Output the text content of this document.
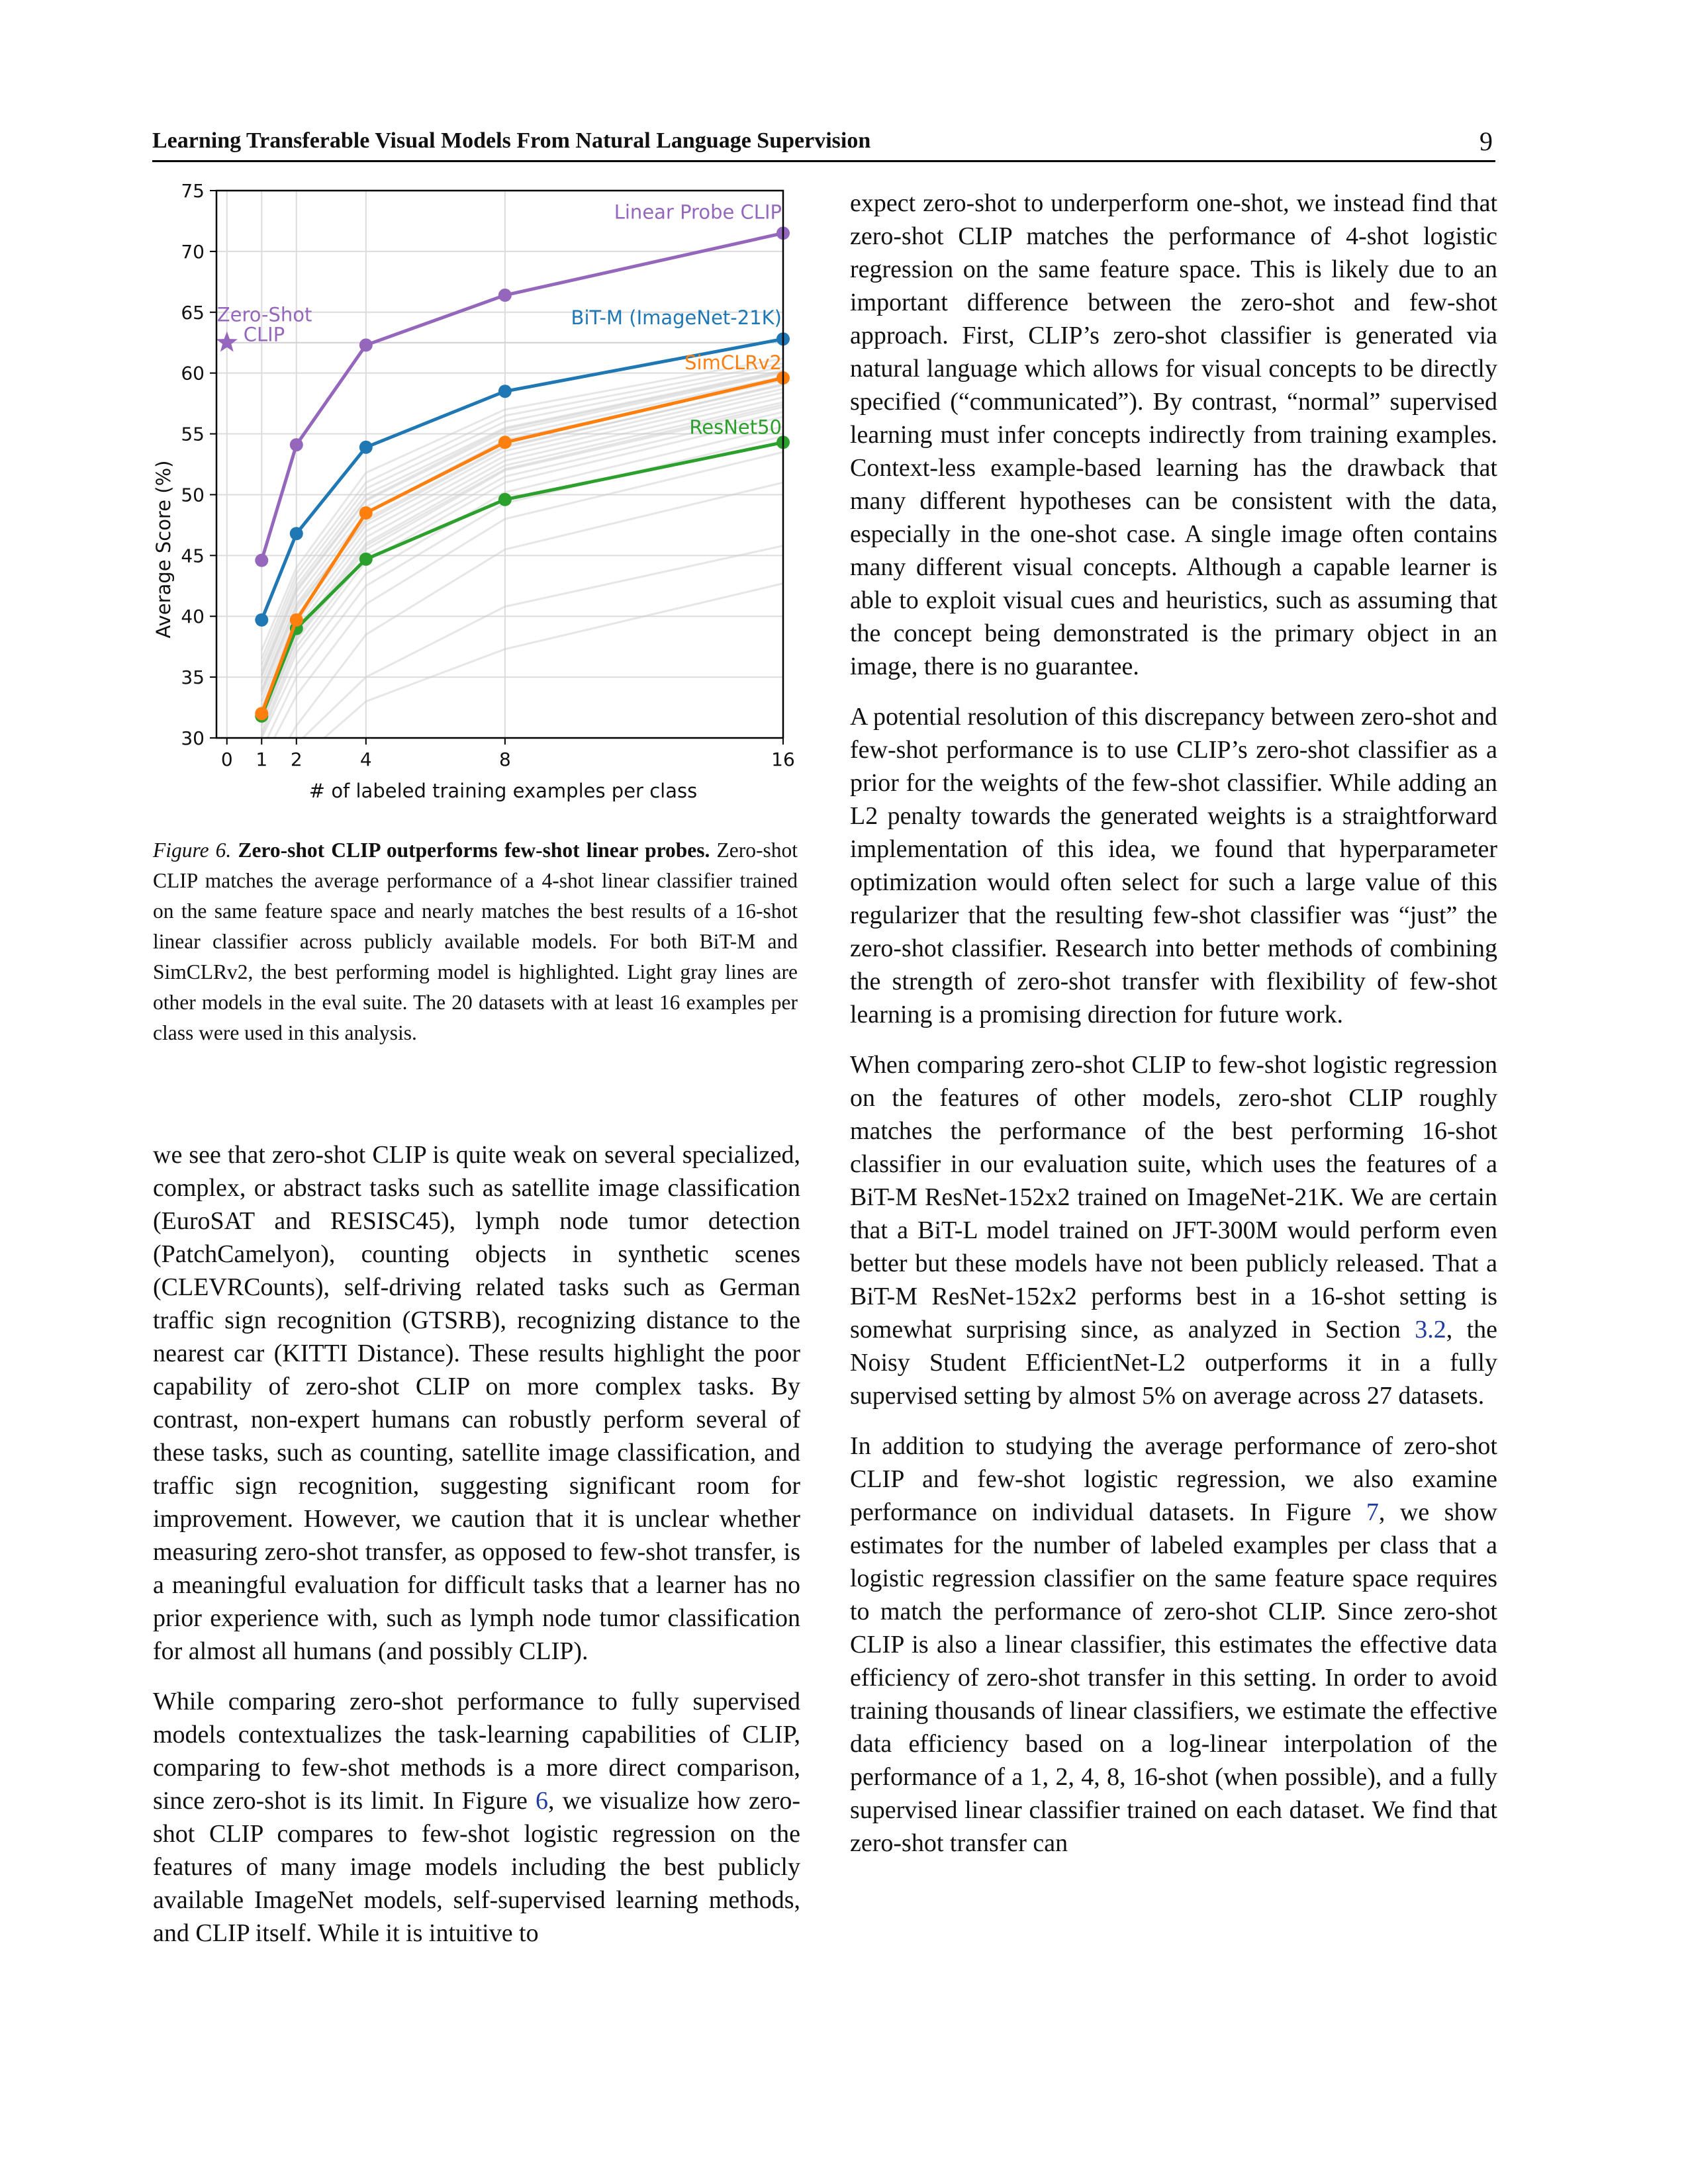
Learning Transferable Visual Models From Natural Language Supervision	9
30
35
40
45
50
55
60
65
70
75
0 1 2	4	8	16
Linear Probe CLIP
BiT-M (ImageNet-21K)
SimCLRv2
ResNet50
Zero-Shot
CLIP
# of labeled training examples per class
Average Score (%)
Figure 6. Zero-shot CLIP outperforms few-shot linear probes. Zero-shot CLIP matches the average performance of a 4-shot linear classifier trained on the same feature space and nearly matches the best results of a 16-shot linear classifier across publicly available models. For both BiT-M and SimCLRv2, the best performing model is highlighted. Light gray lines are other models in the eval suite. The 20 datasets with at least 16 examples per class were used in this analysis.

we see that zero-shot CLIP is quite weak on several specialized, complex, or abstract tasks such as satellite image classification (EuroSAT and RESISC45), lymph node tumor detection (PatchCamelyon), counting objects in synthetic scenes (CLEVRCounts), self-driving related tasks such as German traffic sign recognition (GTSRB), recognizing distance to the nearest car (KITTI Distance). These results highlight the poor capability of zero-shot CLIP on more complex tasks. By contrast, non-expert humans can robustly perform several of these tasks, such as counting, satellite image classification, and traffic sign recognition, suggesting significant room for improvement. However, we caution that it is unclear whether measuring zero-shot transfer, as opposed to few-shot transfer, is a meaningful evaluation for difficult tasks that a learner has no prior experience with, such as lymph node tumor classification for almost all humans (and possibly CLIP).

While comparing zero-shot performance to fully supervised models contextualizes the task-learning capabilities of CLIP, comparing to few-shot methods is a more direct comparison, since zero-shot is its limit. In Figure 6, we visualize how zero-shot CLIP compares to few-shot logistic regression on the features of many image models including the best publicly available ImageNet models, self-supervised learning methods, and CLIP itself. While it is intuitive to

expect zero-shot to underperform one-shot, we instead find that zero-shot CLIP matches the performance of 4-shot logistic regression on the same feature space. This is likely due to an important difference between the zero-shot and few-shot approach. First, CLIP’s zero-shot classifier is generated via natural language which allows for visual concepts to be directly specified (“communicated”). By contrast, “normal” supervised learning must infer concepts indirectly from training examples. Context-less example-based learning has the drawback that many different hypotheses can be consistent with the data, especially in the one-shot case. A single image often contains many different visual concepts. Although a capable learner is able to exploit visual cues and heuristics, such as assuming that the concept being demonstrated is the primary object in an image, there is no guarantee.

A potential resolution of this discrepancy between zero-shot and few-shot performance is to use CLIP’s zero-shot classifier as a prior for the weights of the few-shot classifier. While adding an L2 penalty towards the generated weights is a straightforward implementation of this idea, we found that hyperparameter optimization would often select for such a large value of this regularizer that the resulting few-shot classifier was “just” the zero-shot classifier. Research into better methods of combining the strength of zero-shot transfer with flexibility of few-shot learning is a promising direction for future work.

When comparing zero-shot CLIP to few-shot logistic regression on the features of other models, zero-shot CLIP roughly matches the performance of the best performing 16-shot classifier in our evaluation suite, which uses the features of a BiT-M ResNet-152x2 trained on ImageNet-21K. We are certain that a BiT-L model trained on JFT-300M would perform even better but these models have not been publicly released. That a BiT-M ResNet-152x2 performs best in a 16-shot setting is somewhat surprising since, as analyzed in Section 3.2, the Noisy Student EfficientNet-L2 outperforms it in a fully supervised setting by almost 5% on average across 27 datasets.

In addition to studying the average performance of zero-shot CLIP and few-shot logistic regression, we also examine performance on individual datasets. In Figure 7, we show estimates for the number of labeled examples per class that a logistic regression classifier on the same feature space requires to match the performance of zero-shot CLIP. Since zero-shot CLIP is also a linear classifier, this estimates the effective data efficiency of zero-shot transfer in this setting. In order to avoid training thousands of linear classifiers, we estimate the effective data efficiency based on a log-linear interpolation of the performance of a 1, 2, 4, 8, 16-shot (when possible), and a fully supervised linear classifier trained on each dataset. We find that zero-shot transfer can
